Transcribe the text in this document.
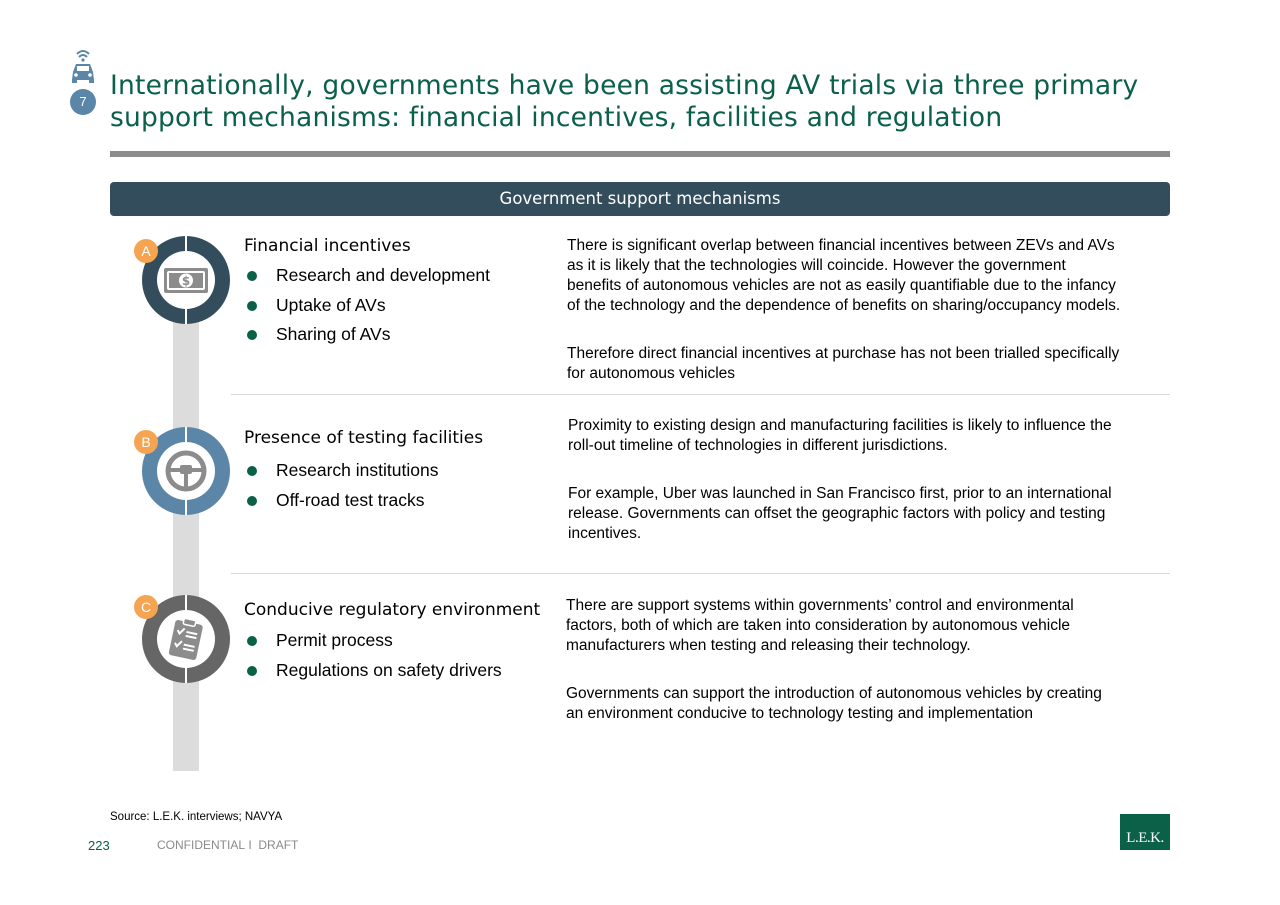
7
Internationally, governments have been assisting AV trials via three primary
support mechanisms: financial incentives, facilities and regulation
Government support mechanisms
$
A	Financial incentives
Research and development
Uptake of AVs
Sharing of AVs

There is significant overlap between financial incentives between ZEVs and AVs
as it is likely that the technologies will coincide. However the government
benefits of autonomous vehicles are not as easily quantifiable due to the infancy
of the technology and the dependence of benefits on sharing/occupancy models.

Therefore direct financial incentives at purchase has not been trialled specifically
for autonomous vehicles

B	Presence of testing facilities
Research institutions
Off-road test tracks

Proximity to existing design and manufacturing facilities is likely to influence the
roll-out timeline of technologies in different jurisdictions.

For example, Uber was launched in San Francisco first, prior to an international
release. Governments can offset the geographic factors with policy and testing
incentives.

C	Conducive regulatory environment
Permit process
Regulations on safety drivers

There are support systems within governments’ control and environmental
factors, both of which are taken into consideration by autonomous vehicle
manufacturers when testing and releasing their technology.

Governments can support the introduction of autonomous vehicles by creating
an environment conducive to technology testing and implementation

Source: L.E.K. interviews; NAVYA
223	CONFIDENTIAL I DRAFT	L.E.K.
